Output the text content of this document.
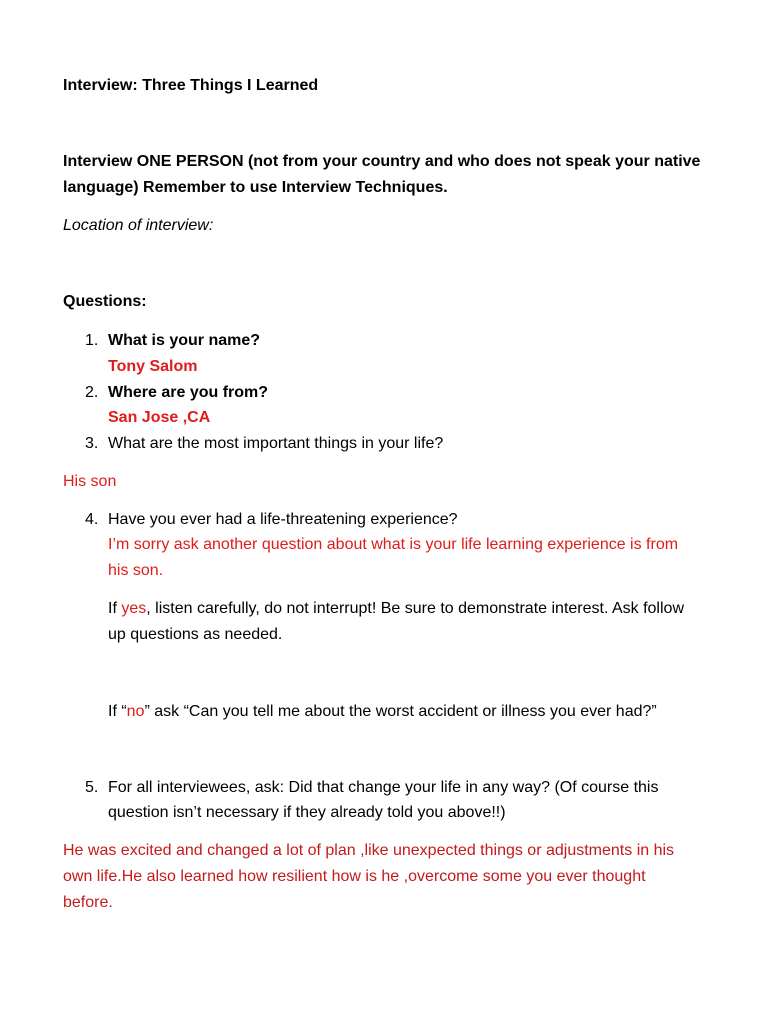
Interview: Three Things I Learned
Interview ONE PERSON (not from your country and who does not speak your native
language) Remember to use Interview Techniques.
Location of interview:
Questions:
1. What is your name?
Tony Salom
2. Where are you from?
San Jose ,CA
3. What are the most important things in your life?
His son
4. Have you ever had a life-threatening experience?
I’m sorry ask another question about what is your life learning experience is from
his son.
If yes, listen carefully, do not interrupt! Be sure to demonstrate interest. Ask follow
up questions as needed.
If “no” ask “Can you tell me about the worst accident or illness you ever had?”
5. For all interviewees, ask: Did that change your life in any way? (Of course this
question isn’t necessary if they already told you above!!)
He was excited and changed a lot of plan ,like unexpected things or adjustments in his
own life.He also learned how resilient how is he ,overcome some you ever thought
before.
